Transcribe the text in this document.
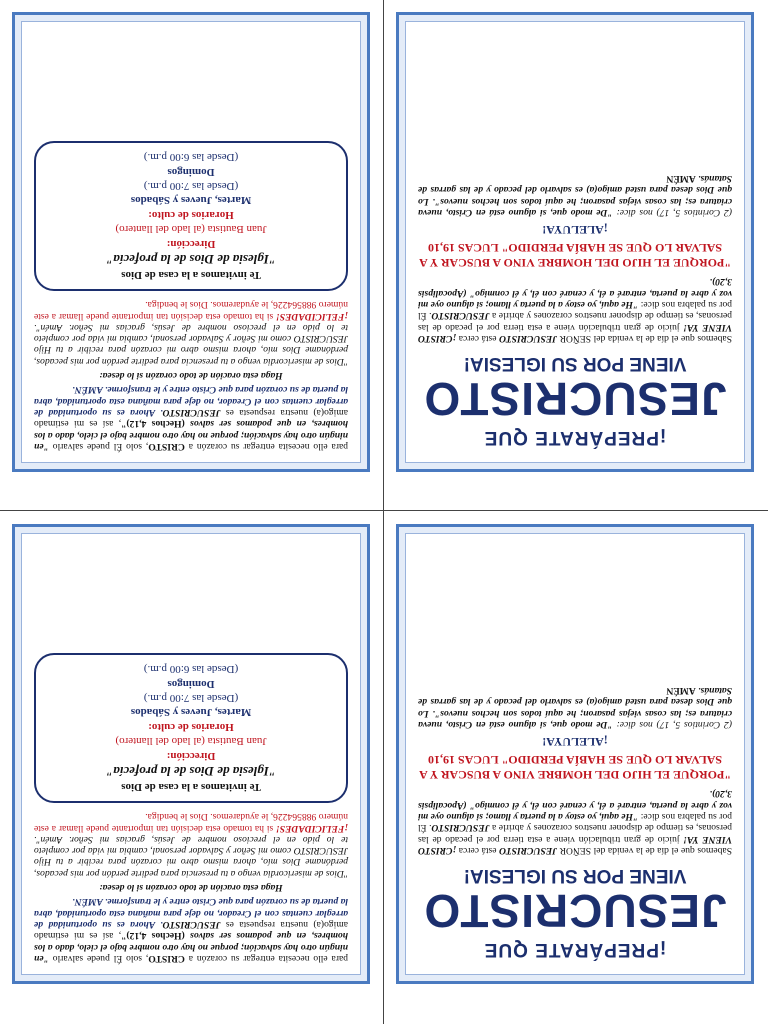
para ello necesita entregar su corazón a CRISTO, solo Él puede salvarlo "en ningún otro hay salvación; porque no hay otro nombre bajo el cielo, dado a los hombres, en que podamos ser salvos (Hechos 4,12)", así es mi estimado amigo(a) nuestra respuesta es JESUCRISTO. Ahora es su oportunidad de arreglar cuentas con el Creador, no deje para mañana esta oportunidad, abra la puerta de su corazón para que Cristo entre y le transforme. AMÉN.

Haga esta oración de todo corazón si lo desea:

"Dios de misericordia vengo a tu presencia para pedirte perdón por mis pecados, perdóname Dios mío, ahora mismo abro mi corazón para recibir a tu Hijo JESUCRISTO como mi Señor y Salvador personal, cambia mi vida por completo te lo pido en el precioso nombre de Jesús, gracias mi Señor. Amén". ¡FELICIDADES! si ha tomado esta decisión tan importante puede llamar a este número 988564226, le ayudaremos. Dios le bendiga.

Te invitamos a la casa de Dios

"Iglesia de Dios de la profecía"

Dirección:

Juan Bautista (al lado del llantero)

Horarios de culto:

Martes, Jueves y Sábados

(Desde las 7:00 p.m.)

Domingos

(Desde las 6:00 p.m.)

¡PREPÁRATE QUE
JESUCRISTO
VIENE POR SU IGLESIA!

Sabemos que el día de la venida del SEÑOR JESUCRISTO está cerca ¡CRISTO VIENE YA! juicio de gran tribulación viene a esta tierra por el pecado de las personas, es tiempo de disponer nuestros corazones y abrirle a JESUCRISTO. Él por su palabra nos dice: "He aquí, yo estoy a la puerta y llamo; si alguno oye mi voz y abre la puerta, entraré a él, y cenaré con él, y él conmigo" (Apocalipsis 3,20).

"PORQUE EL HIJO DEL HOMBRE VINO A BUSCAR Y A SALVAR LO QUE SE HABÍA PERDIDO" LUCAS 19,10
¡ALELUYA!

(2 Corintios 5, 17) nos dice: "De modo que, si alguno está en Cristo, nueva criatura es; las cosas viejas pasaron; he aquí todos son hechos nuevos". Lo que Dios desea para usted amigo(a) es salvarlo del pecado y de las garras de Satanás. AMÉN

para ello necesita entregar su corazón a CRISTO, solo Él puede salvarlo "en ningún otro hay salvación; porque no hay otro nombre bajo el cielo, dado a los hombres, en que podamos ser salvos (Hechos 4,12)", así es mi estimado amigo(a) nuestra respuesta es JESUCRISTO. Ahora es su oportunidad de arreglar cuentas con el Creador, no deje para mañana esta oportunidad, abra la puerta de su corazón para que Cristo entre y le transforme. AMÉN.

Haga esta oración de todo corazón si lo desea:

"Dios de misericordia vengo a tu presencia para pedirte perdón por mis pecados, perdóname Dios mío, ahora mismo abro mi corazón para recibir a tu Hijo JESUCRISTO como mi Señor y Salvador personal, cambia mi vida por completo te lo pido en el precioso nombre de Jesús, gracias mi Señor. Amén". ¡FELICIDADES! si ha tomado esta decisión tan importante puede llamar a este número 988564226, le ayudaremos. Dios le bendiga.

Te invitamos a la casa de Dios

"Iglesia de Dios de la profecía"

Dirección:

Juan Bautista (al lado del llantero)

Horarios de culto:

Martes, Jueves y Sábados

(Desde las 7:00 p.m.)

Domingos

(Desde las 6:00 p.m.)

¡PREPÁRATE QUE
JESUCRISTO
VIENE POR SU IGLESIA!

Sabemos que el día de la venida del SEÑOR JESUCRISTO está cerca ¡CRISTO VIENE YA! juicio de gran tribulación viene a esta tierra por el pecado de las personas, es tiempo de disponer nuestros corazones y abrirle a JESUCRISTO. Él por su palabra nos dice: "He aquí, yo estoy a la puerta y llamo; si alguno oye mi voz y abre la puerta, entraré a él, y cenaré con él, y él conmigo" (Apocalipsis 3,20).

"PORQUE EL HIJO DEL HOMBRE VINO A BUSCAR Y A SALVAR LO QUE SE HABÍA PERDIDO" LUCAS 19,10
¡ALELUYA!

(2 Corintios 5, 17) nos dice: "De modo que, si alguno está en Cristo, nueva criatura es; las cosas viejas pasaron; he aquí todos son hechos nuevos". Lo que Dios desea para usted amigo(a) es salvarlo del pecado y de las garras de Satanás. AMÉN
